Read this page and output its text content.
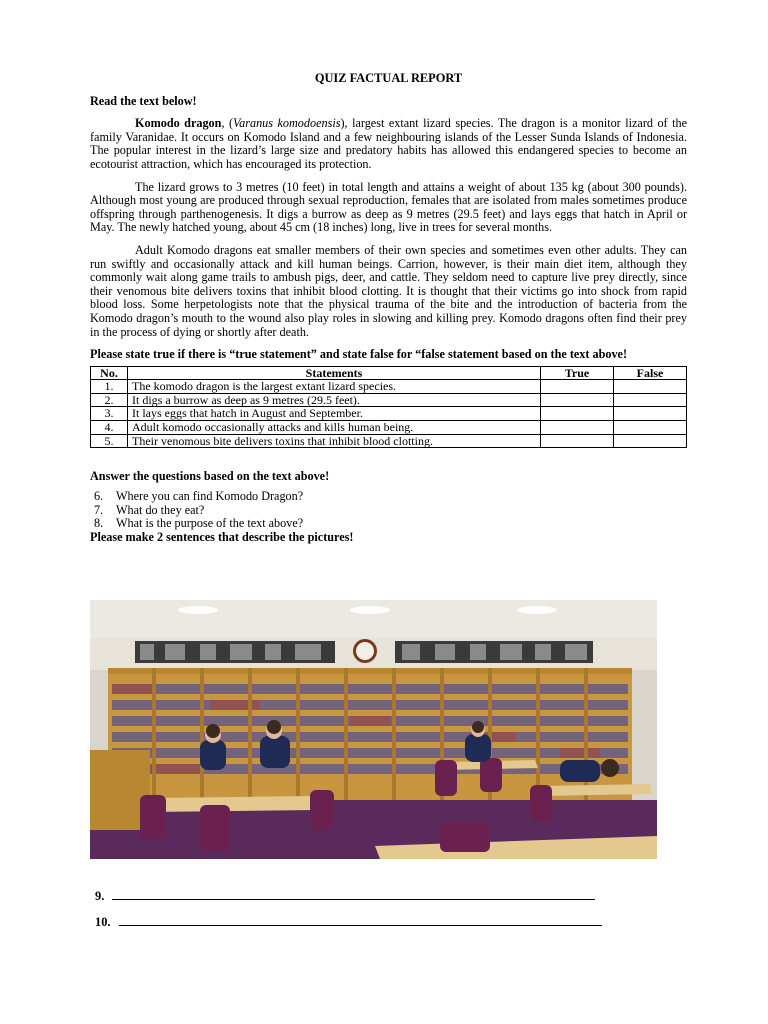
QUIZ FACTUAL REPORT
Read the text below!

Komodo dragon, (Varanus komodoensis), largest extant lizard species. The dragon is a monitor lizard of the family Varanidae. It occurs on Komodo Island and a few neighbouring islands of the Lesser Sunda Islands of Indonesia. The popular interest in the lizard’s large size and predatory habits has allowed this endangered species to become an ecotourist attraction, which has encouraged its protection.

The lizard grows to 3 metres (10 feet) in total length and attains a weight of about 135 kg (about 300 pounds). Although most young are produced through sexual reproduction, females that are isolated from males sometimes produce offspring through parthenogenesis. It digs a burrow as deep as 9 metres (29.5 feet) and lays eggs that hatch in April or May. The newly hatched young, about 45 cm (18 inches) long, live in trees for several months.

Adult Komodo dragons eat smaller members of their own species and sometimes even other adults. They can run swiftly and occasionally attack and kill human beings. Carrion, however, is their main diet item, although they commonly wait along game trails to ambush pigs, deer, and cattle. They seldom need to capture live prey directly, since their venomous bite delivers toxins that inhibit blood clotting. It is thought that their victims go into shock from rapid blood loss. Some herpetologists note that the physical trauma of the bite and the introduction of bacteria from the Komodo dragon’s mouth to the wound also play roles in slowing and killing prey. Komodo dragons often find their prey in the process of dying or shortly after death.

Please state true if there is “true statement” and state false for “false statement based on the text above!
No.	Statements	True	False
1.	The komodo dragon is the largest extant lizard species.		
2.	It digs a burrow as deep as 9 metres (29.5 feet).		
3.	It lays eggs that hatch in August and September.		
4.	Adult komodo occasionally attacks and kills human being.		
5.	Their venomous bite delivers toxins that inhibit blood clotting.		
Answer the questions based on the text above!
6. Where you can find Komodo Dragon?
7. What do they eat?
8. What is the purpose of the text above?
Please make 2 sentences that describe the pictures!
9.
10.
